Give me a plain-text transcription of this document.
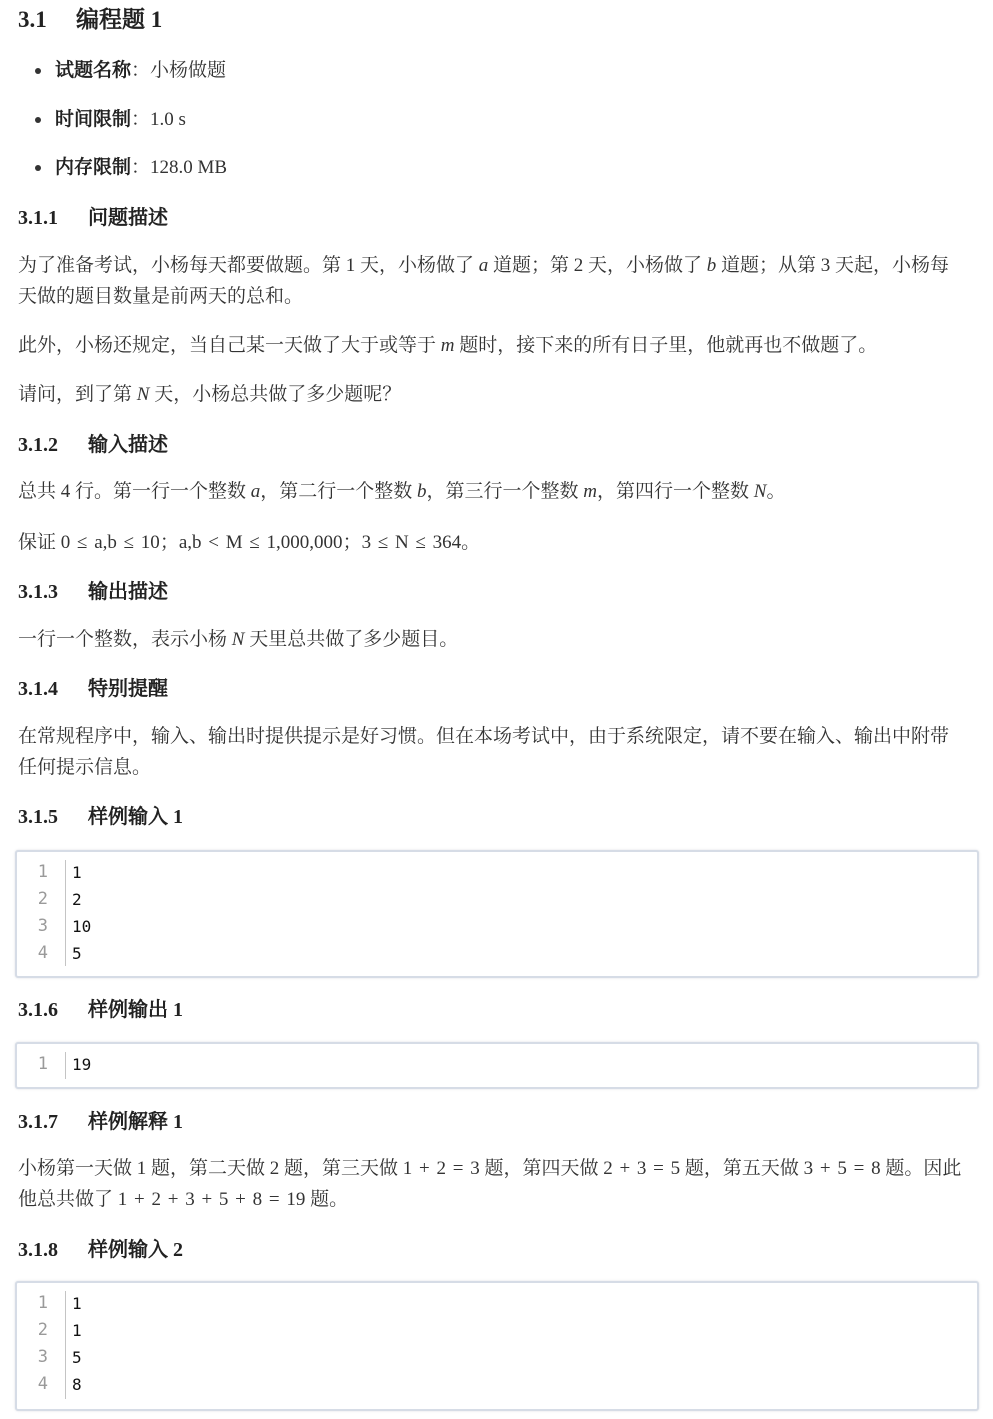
3.1 编程题 1
试题名称：小杨做题
时间限制：1.0 s
内存限制：128.0 MB
3.1.1 问题描述
为了准备考试，小杨每天都要做题。第 1 天，小杨做了 a 道题；第 2 天，小杨做了 b 道题；从第 3 天起，小杨每天做的题目数量是前两天的总和。
此外，小杨还规定，当自己某一天做了大于或等于 m 题时，接下来的所有日子里，他就再也不做题了。
请问，到了第 N 天，小杨总共做了多少题呢？
3.1.2 输入描述
总共 4 行。第一行一个整数 a，第二行一个整数 b，第三行一个整数 m，第四行一个整数 N。
保证 0 ≤ a,b ≤ 10；a,b < M ≤ 1,000,000；3 ≤ N ≤ 364。
3.1.3 输出描述
一行一个整数，表示小杨 N 天里总共做了多少题目。
3.1.4 特别提醒
在常规程序中，输入、输出时提供提示是好习惯。但在本场考试中，由于系统限定，请不要在输入、输出中附带任何提示信息。
3.1.5 样例输入 1
1
2
3
4
1
2
10
5
3.1.6 样例输出 1
1 19
3.1.7 样例解释 1
小杨第一天做 1 题，第二天做 2 题，第三天做 1 + 2 = 3 题，第四天做 2 + 3 = 5 题，第五天做 3 + 5 = 8 题。因此他总共做了 1 + 2 + 3 + 5 + 8 = 19 题。
3.1.8 样例输入 2
1
2
3
4
1
1
5
8
